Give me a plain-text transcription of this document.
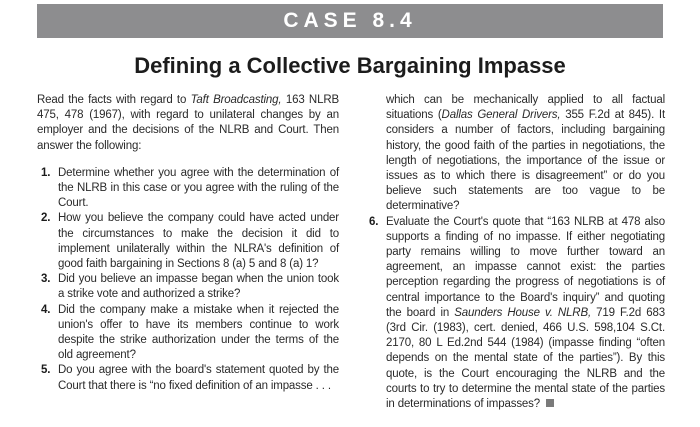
CASE 8.4
Defining a Collective Bargaining Impasse

Read the facts with regard to Taft Broadcasting, 163 NLRB 475, 478 (1967), with regard to unilateral changes by an employer and the decisions of the NLRB and Court. Then answer the following:

1. Determine whether you agree with the determination of the NLRB in this case or you agree with the ruling of the Court.
2. How you believe the company could have acted under the circumstances to make the decision it did to implement unilaterally within the NLRA's definition of good faith bargaining in Sections 8 (a) 5 and 8 (a) 1?
3. Did you believe an impasse began when the union took a strike vote and authorized a strike?
4. Did the company make a mistake when it rejected the union's offer to have its members continue to work despite the strike authorization under the terms of the old agreement?
5. Do you agree with the board's statement quoted by the Court that there is “no fixed definition of an impasse . . .

which can be mechanically applied to all factual situations (Dallas General Drivers, 355 F.2d at 845). It considers a number of factors, including bargaining history, the good faith of the parties in negotiations, the length of negotiations, the importance of the issue or issues as to which there is disagreement” or do you believe such statements are too vague to be determinative?

6. Evaluate the Court's quote that “163 NLRB at 478 also supports a finding of no impasse. If either negotiating party remains willing to move further toward an agreement, an impasse cannot exist: the parties perception regarding the progress of negotiations is of central importance to the Board's inquiry” and quoting the board in Saunders House v. NLRB, 719 F.2d 683 (3rd Cir. (1983), cert. denied, 466 U.S. 598,104 S.Ct. 2170, 80 L Ed.2nd 544 (1984) (impasse finding “often depends on the mental state of the parties”). By this quote, is the Court encouraging the NLRB and the courts to try to determine the mental state of the parties in determinations of impasses?
